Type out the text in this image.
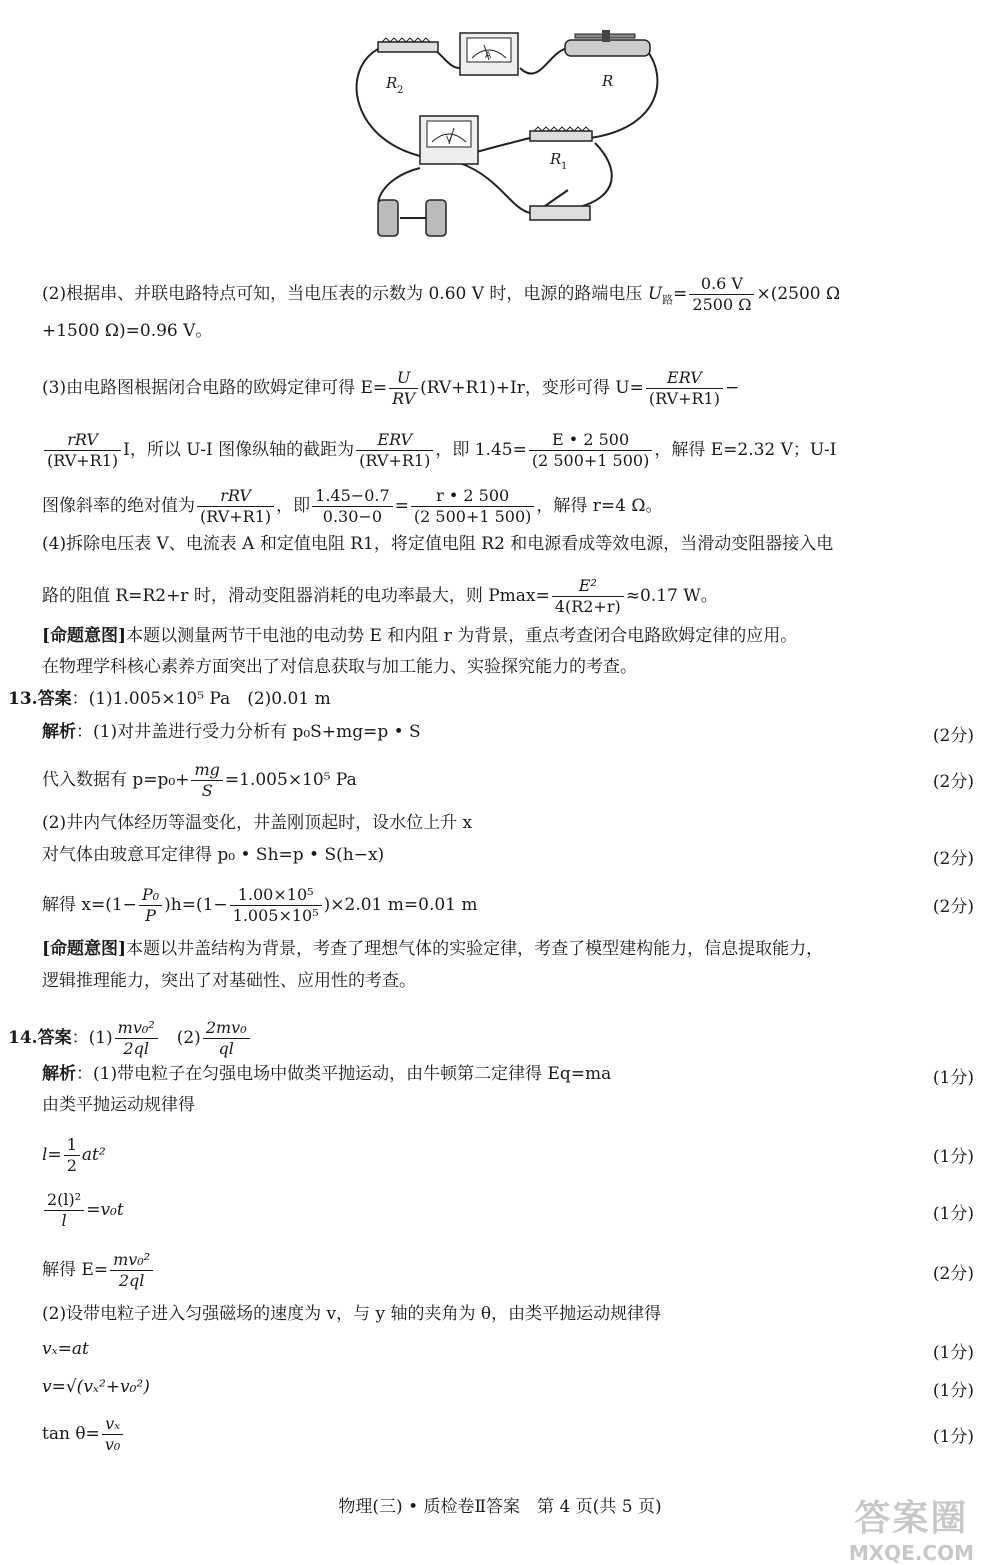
R 2
A
R
V
R 1
(2)根据串、并联电路特点可知，当电压表的示数为 0.60 V 时，电源的路端电压 $U_路= \frac{0.6 V}{2500 \Omega} \times(2500$ Ω
+1500 Ω)=0.96 V。
(3)由电路图根据闭合电路的欧姆定律可得 $E= \frac{U}{RV} (RV+R1)+Ir$，变形可得 $U= \frac{\text{ERV}}{(RV+R1)}$ −
$\frac{\text{rRV}}{(RV+R1)}$ I，所以 U-I 图像纵轴的截距为 $\frac{\text{ERV}}{(RV+R1)}$ ，即 $1.45= \frac{E • 2 500}{(2 500+1 500)}$ ，解得 E=2.32 V；U-I
图像斜率的绝对值为 $\frac{\text{rRV}}{(RV+R1)}$ ，即 $\frac{1.45-0.7}{0.30-0} = \frac{r • 2 500}{(2 500+1 500)}$ ，解得 r=4 Ω。
(4)拆除电压表 V、电流表 A 和定值电阻 R1，将定值电阻 R2 和电源看成等效电源，当滑动变阻器接入电
路的阻值 R=R2+r 时，滑动变阻器消耗的电功率最大，则 $Pmax= \frac{\text{E²}}{4(R2+r)} \approx 0.17$ W。
[命题意图]本题以测量两节干电池的电动势 E 和内阻 r 为背景，重点考查闭合电路欧姆定律的应用。
在物理学科核心素养方面突出了对信息获取与加工能力、实验探究能力的考查。
13.答案：(1)1.005×10⁵ Pa　(2)0.01 m
解析：(1)对井盖进行受力分析有 p₀S+mg=p • S	(2分)
代入数据有 $p=p_0+ \frac{mg}{S} =1.005\times 10^5$ Pa	(2分)
(2)井内气体经历等温变化，井盖刚顶起时，设水位上升 x
对气体由玻意耳定律得 p₀ • Sh=p • S(h−x)	(2分)
解得 $x=(1- \frac{\text{P₀}}{P} )h=(1- \frac{\text{1.00×10⁵}}{\text{1.005×10⁵}} )\times 2.01$ m=0.01 m	(2分)
[命题意图]本题以井盖结构为背景，考查了理想气体的实验定律，考查了模型建构能力，信息提取能力，
逻辑推理能力，突出了对基础性、应用性的考查。
14.答案：$(1) \frac{\text{mv₀²}}{2ql}$ 　$(2) \frac{\text{2mv₀}}{ql}$
解析：(1)带电粒子在匀强电场中做类平抛运动，由牛顿第二定律得 Eq=ma	(1分)
由类平抛运动规律得
$l= \frac{1}{2} at^2$	(1分)
$\frac{\text{2(l)²}}{l} =v_0t$	(1分)
解得 $E= \frac{\text{mv₀²}}{2ql}$	(2分)
(2)设带电粒子进入匀强磁场的速度为 v，与 y 轴的夹角为 θ，由类平抛运动规律得
vₓ=at	(1分)
v=√(vₓ²+v₀²)	(1分)
$\tan \theta= \frac{\text{vₓ}}{\text{v₀}}$	(1分)
物理(三) • 质检卷Ⅱ答案　第 4 页(共 5 页)	答案圈
MXQE.COM
